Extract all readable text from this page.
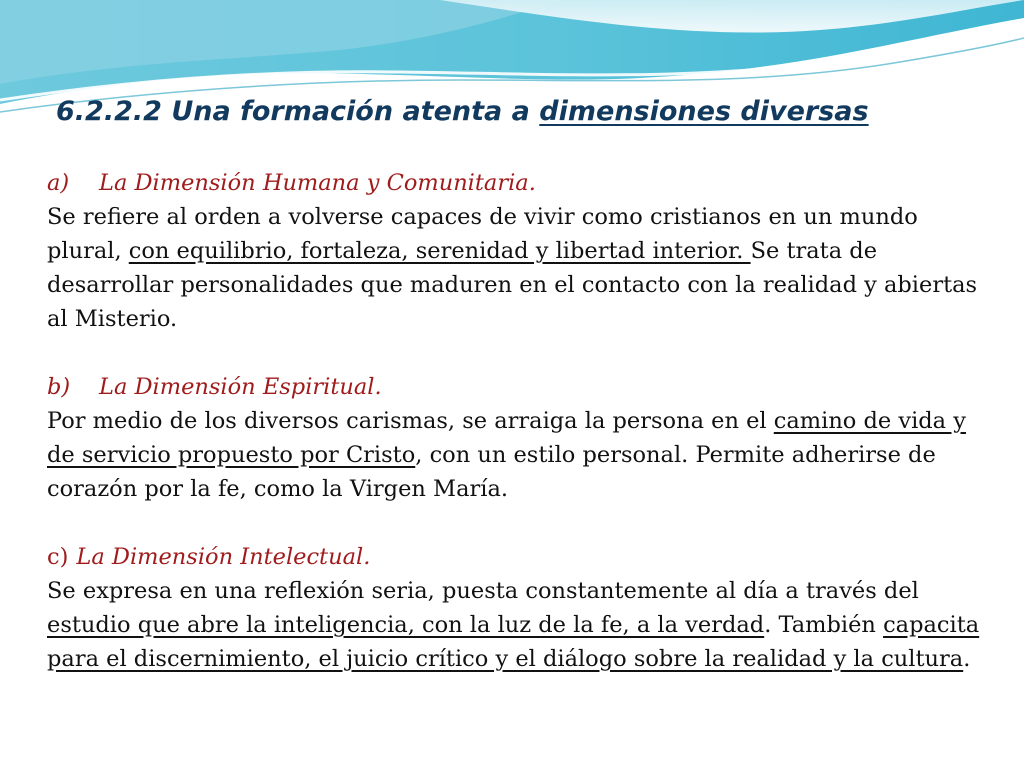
6.2.2.2 Una formación atenta a dimensiones diversas
a) La Dimensión Humana y Comunitaria.

Se refiere al orden a volverse capaces de vivir como cristianos en un mundo plural, con equilibrio, fortaleza, serenidad y libertad interior. Se trata de desarrollar personalidades que maduren en el contacto con la realidad y abiertas al Misterio.

b) La Dimensión Espiritual.

Por medio de los diversos carismas, se arraiga la persona en el camino de vida y de servicio propuesto por Cristo, con un estilo personal. Permite adherirse de corazón por la fe, como la Virgen María.

c) La Dimensión Intelectual.

Se expresa en una reflexión seria, puesta constantemente al día a través del estudio que abre la inteligencia, con la luz de la fe, a la verdad. También capacita para el discernimiento, el juicio crítico y el diálogo sobre la realidad y la cultura.
